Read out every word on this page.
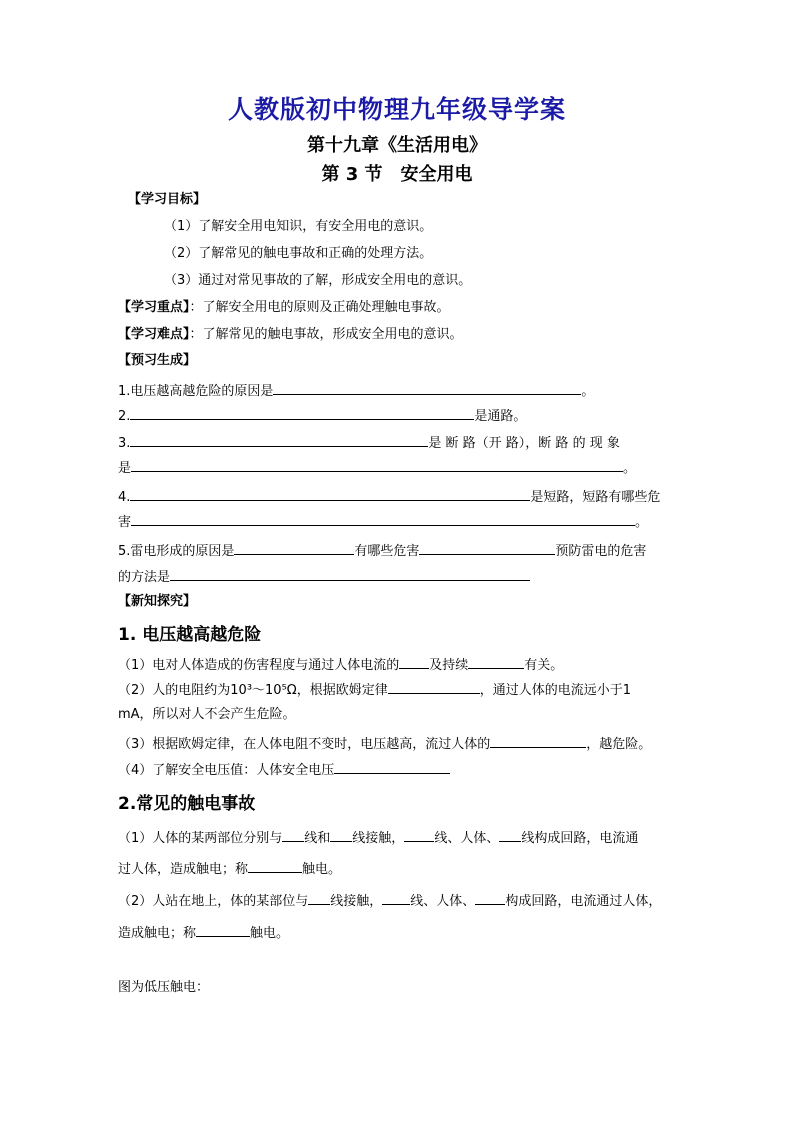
人教版初中物理九年级导学案
第十九章《生活用电》
第 3 节　安全用电
【学习目标】
（1）了解安全用电知识，有安全用电的意识。
（2）了解常见的触电事故和正确的处理方法。
（3）通过对常见事故的了解，形成安全用电的意识。
【学习重点】：了解安全用电的原则及正确处理触电事故。
【学习难点】：了解常见的触电事故，形成安全用电的意识。
【预习生成】
1.电压越高越危险的原因是	。
2.	是通路。
3.	是 断 路（开 路），断 路 的 现 象
是	。
4.	是短路，短路有哪些危
害	。
5.雷电形成的原因是	有哪些危害	预防雷电的危害
的方法是
【新知探究】
1. 电压越高越危险
（1）电对人体造成的伤害程度与通过人体电流的 及持续	有关。
（2）人的电阻约为10³～10⁵Ω，根据欧姆定律	，通过人体的电流远小于1
mA，所以对人不会产生危险。
（3）根据欧姆定律，在人体电阻不变时，电压越高，流过人体的	，越危险。
（4）了解安全电压值：人体安全电压
2.常见的触电事故
（1）人体的某两部位分别与 线和 线接触， 线、人体、 线构成回路，电流通
过人体，造成触电；称	触电。
（2）人站在地上，体的某部位与 线接触， 线、人体、 构成回路，电流通过人体，
造成触电；称	触电。
图为低压触电：
